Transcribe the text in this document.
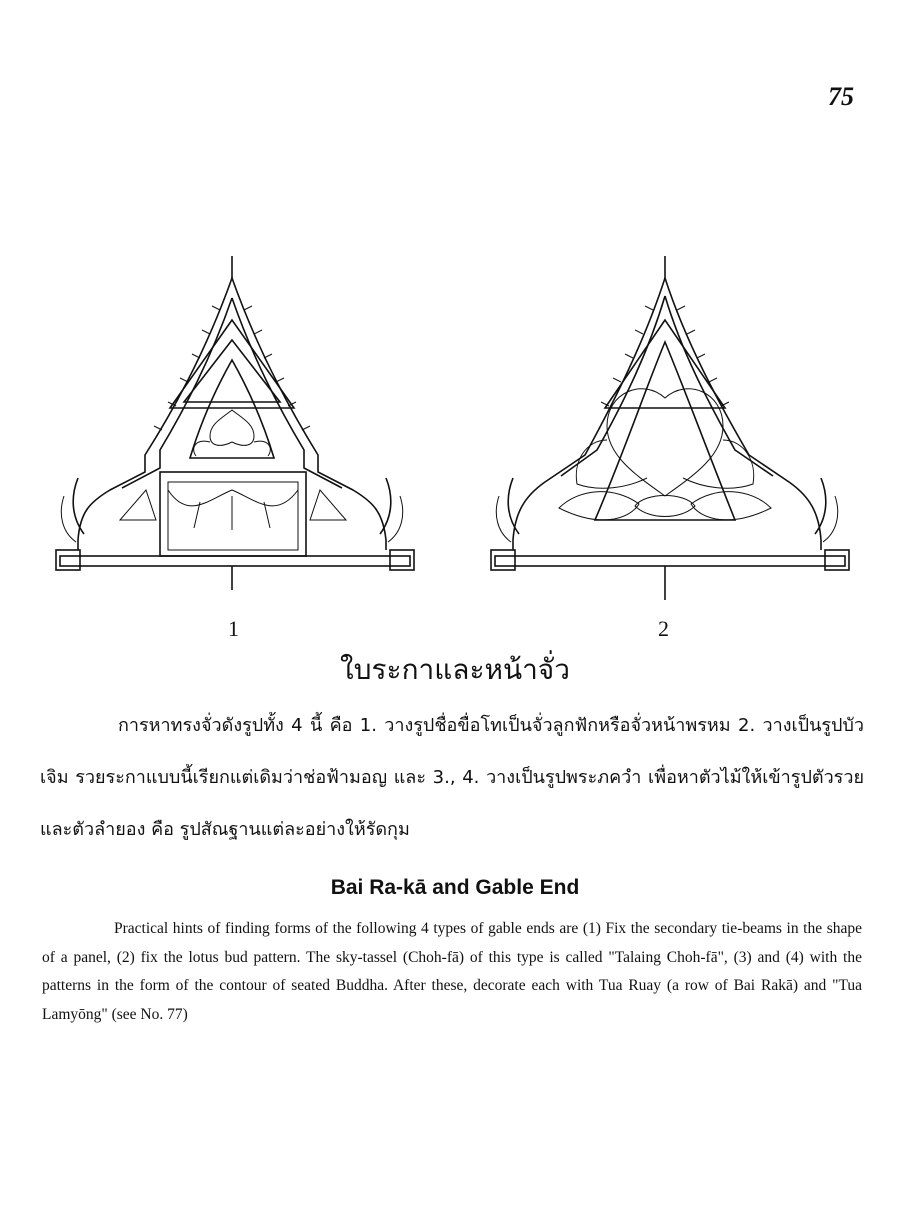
75
1	2
ใบระกาและหน้าจั่ว
การหาทรงจั่วดังรูปทั้ง 4 นี้ คือ 1. วางรูปชื่อขื่อโทเป็นจั่วลูกฟักหรือจั่วหน้าพรหม 2. วางเป็นรูปบัวเจิม รวยระกาแบบนี้เรียกแต่เดิมว่าช่อฟ้ามอญ และ 3., 4. วางเป็นรูปพระภควำ เพื่อหาตัวไม้ให้เข้ารูปตัวรวยและตัวลำยอง คือ รูปสัณฐานแต่ละอย่างให้รัดกุม
Bai Ra-kā and Gable End
Practical hints of finding forms of the following 4 types of gable ends are (1) Fix the secondary tie-beams in the shape of a panel, (2) fix the lotus bud pattern. The sky-tassel (Choh-fā) of this type is called "Talaing Choh-fā", (3) and (4) with the patterns in the form of the contour of seated Buddha. After these, decorate each with Tua Ruay (a row of Bai Rakā) and "Tua Lamyōng" (see No. 77)
